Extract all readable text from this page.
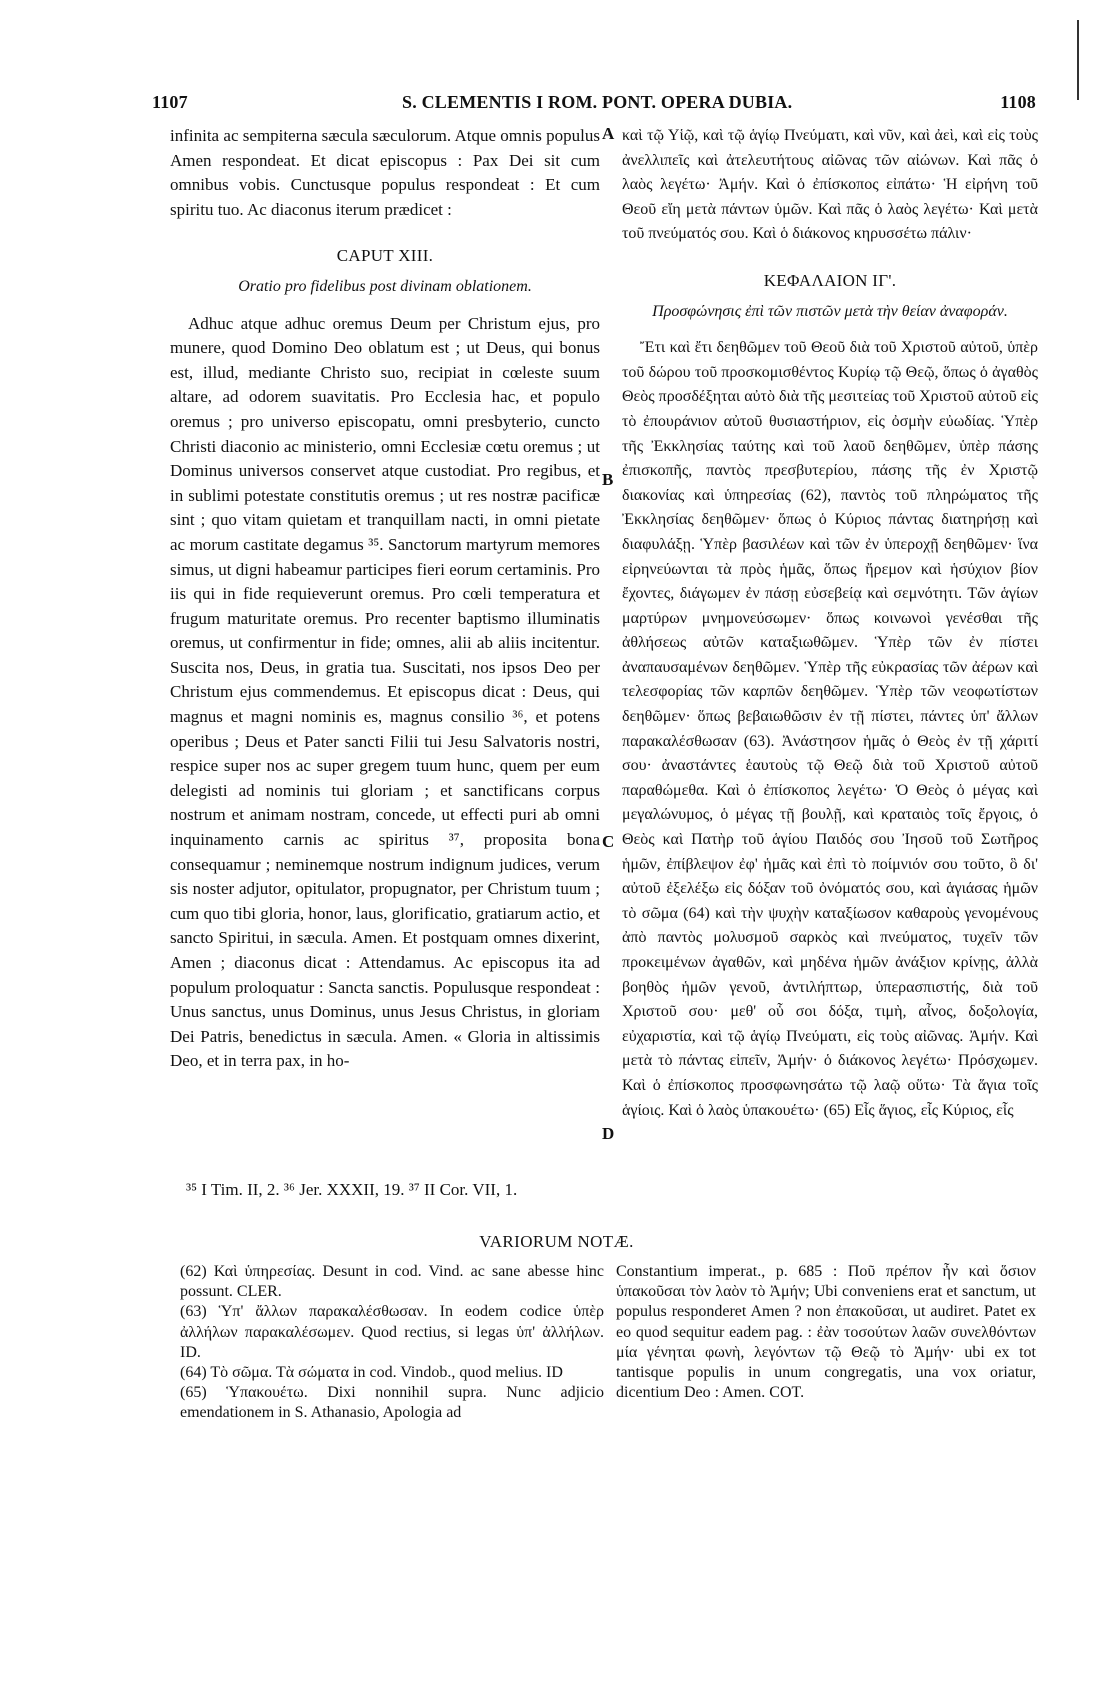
1107	S. CLEMENTIS I ROM. PONT. OPERA DUBIA.	1108
A
B
C
D

infinita ac sempiterna sæcula sæculorum. Atque omnis populus Amen respondeat. Et dicat episcopus : Pax Dei sit cum omnibus vobis. Cunctusque populus respondeat : Et cum spiritu tuo. Ac diaconus iterum prædicet :

CAPUT XIII.
Oratio pro fidelibus post divinam oblationem.

Adhuc atque adhuc oremus Deum per Christum ejus, pro munere, quod Domino Deo oblatum est ; ut Deus, qui bonus est, illud, mediante Christo suo, recipiat in cœleste suum altare, ad odorem suavitatis. Pro Ecclesia hac, et populo oremus ; pro universo episcopatu, omni presbyterio, cuncto Christi diaconio ac ministerio, omni Ecclesiæ cœtu oremus ; ut Dominus universos conservet atque custodiat. Pro regibus, et in sublimi potestate constitutis oremus ; ut res nostræ pacificæ sint ; quo vitam quietam et tranquillam nacti, in omni pietate ac morum castitate degamus ³⁵. Sanctorum martyrum memores simus, ut digni habeamur participes fieri eorum certaminis. Pro iis qui in fide requieverunt oremus. Pro cœli temperatura et frugum maturitate oremus. Pro recenter baptismo illuminatis oremus, ut confirmentur in fide; omnes, alii ab aliis incitentur. Suscita nos, Deus, in gratia tua. Suscitati, nos ipsos Deo per Christum ejus commendemus. Et episcopus dicat : Deus, qui magnus et magni nominis es, magnus consilio ³⁶, et potens operibus ; Deus et Pater sancti Filii tui Jesu Salvatoris nostri, respice super nos ac super gregem tuum hunc, quem per eum delegisti ad nominis tui gloriam ; et sanctificans corpus nostrum et animam nostram, concede, ut effecti puri ab omni inquinamento carnis ac spiritus ³⁷, proposita bona consequamur ; neminemque nostrum indignum judices, verum sis noster adjutor, opitulator, propugnator, per Christum tuum ; cum quo tibi gloria, honor, laus, glorificatio, gratiarum actio, et sancto Spiritui, in sæcula. Amen. Et postquam omnes dixerint, Amen ; diaconus dicat : Attendamus. Ac episcopus ita ad populum proloquatur : Sancta sanctis. Populusque respondeat : Unus sanctus, unus Dominus, unus Jesus Christus, in gloriam Dei Patris, benedictus in sæcula. Amen. « Gloria in altissimis Deo, et in terra pax, in ho-

καὶ τῷ Υἱῷ, καὶ τῷ ἁγίῳ Πνεύματι, καὶ νῦν, καὶ ἀεὶ, καὶ εἰς τοὺς ἀνελλιπεῖς καὶ ἀτελευτήτους αἰῶνας τῶν αἰώνων. Καὶ πᾶς ὁ λαὸς λεγέτω· Ἀμήν. Καὶ ὁ ἐπίσκοπος εἰπάτω· Ἡ εἰρήνη τοῦ Θεοῦ εἴη μετὰ πάντων ὑμῶν. Καὶ πᾶς ὁ λαὸς λεγέτω· Καὶ μετὰ τοῦ πνεύματός σου. Καὶ ὁ διάκονος κηρυσσέτω πάλιν·

ΚΕΦΑΛΑΙΟΝ ΙΓ'.
Προσφώνησις ἐπὶ τῶν πιστῶν μετὰ τὴν θείαν ἀναφοράν.

Ἔτι καὶ ἔτι δεηθῶμεν τοῦ Θεοῦ διὰ τοῦ Χριστοῦ αὐτοῦ, ὑπὲρ τοῦ δώρου τοῦ προσκομισθέντος Κυρίῳ τῷ Θεῷ, ὅπως ὁ ἀγαθὸς Θεὸς προσδέξηται αὐτὸ διὰ τῆς μεσιτείας τοῦ Χριστοῦ αὐτοῦ εἰς τὸ ἐπουράνιον αὐτοῦ θυσιαστήριον, εἰς ὀσμὴν εὐωδίας. Ὑπὲρ τῆς Ἐκκλησίας ταύτης καὶ τοῦ λαοῦ δεηθῶμεν, ὑπὲρ πάσης ἐπισκοπῆς, παντὸς πρεσβυτερίου, πάσης τῆς ἐν Χριστῷ διακονίας καὶ ὑπηρεσίας (62), παντὸς τοῦ πληρώματος τῆς Ἐκκλησίας δεηθῶμεν· ὅπως ὁ Κύριος πάντας διατηρήσῃ καὶ διαφυλάξῃ. Ὑπὲρ βασιλέων καὶ τῶν ἐν ὑπεροχῇ δεηθῶμεν· ἵνα εἰρηνεύωνται τὰ πρὸς ἡμᾶς, ὅπως ἤρεμον καὶ ἡσύχιον βίον ἔχοντες, διάγωμεν ἐν πάσῃ εὐσεβείᾳ καὶ σεμνότητι. Τῶν ἁγίων μαρτύρων μνημονεύσωμεν· ὅπως κοινωνοὶ γενέσθαι τῆς ἀθλήσεως αὐτῶν καταξιωθῶμεν. Ὑπὲρ τῶν ἐν πίστει ἀναπαυσαμένων δεηθῶμεν. Ὑπὲρ τῆς εὐκρασίας τῶν ἀέρων καὶ τελεσφορίας τῶν καρπῶν δεηθῶμεν. Ὑπὲρ τῶν νεοφωτίστων δεηθῶμεν· ὅπως βεβαιωθῶσιν ἐν τῇ πίστει, πάντες ὑπ' ἄλλων παρακαλέσθωσαν (63). Ἀνάστησον ἡμᾶς ὁ Θεὸς ἐν τῇ χάριτί σου· ἀναστάντες ἑαυτοὺς τῷ Θεῷ διὰ τοῦ Χριστοῦ αὐτοῦ παραθώμεθα. Καὶ ὁ ἐπίσκοπος λεγέτω· Ὁ Θεὸς ὁ μέγας καὶ μεγαλώνυμος, ὁ μέγας τῇ βουλῇ, καὶ κραταιὸς τοῖς ἔργοις, ὁ Θεὸς καὶ Πατὴρ τοῦ ἁγίου Παιδός σου Ἰησοῦ τοῦ Σωτῆρος ἡμῶν, ἐπίβλεψον ἐφ' ἡμᾶς καὶ ἐπὶ τὸ ποίμνιόν σου τοῦτο, ὃ δι' αὐτοῦ ἐξελέξω εἰς δόξαν τοῦ ὀνόματός σου, καὶ ἁγιάσας ἡμῶν τὸ σῶμα (64) καὶ τὴν ψυχὴν καταξίωσον καθαροὺς γενομένους ἀπὸ παντὸς μολυσμοῦ σαρκὸς καὶ πνεύματος, τυχεῖν τῶν προκειμένων ἀγαθῶν, καὶ μηδένα ἡμῶν ἀνάξιον κρίνῃς, ἀλλὰ βοηθὸς ἡμῶν γενοῦ, ἀντιλήπτωρ, ὑπερασπιστής, διὰ τοῦ Χριστοῦ σου· μεθ' οὗ σοι δόξα, τιμὴ, αἶνος, δοξολογία, εὐχαριστία, καὶ τῷ ἁγίῳ Πνεύματι, εἰς τοὺς αἰῶνας. Ἀμήν. Καὶ μετὰ τὸ πάντας εἰπεῖν, Ἀμήν· ὁ διάκονος λεγέτω· Πρόσχωμεν. Καὶ ὁ ἐπίσκοπος προσφωνησάτω τῷ λαῷ οὕτω· Τὰ ἅγια τοῖς ἁγίοις. Καὶ ὁ λαὸς ὑπακουέτω· (65) Εἷς ἅγιος, εἷς Κύριος, εἷς

³⁵ I Tim. II, 2. ³⁶ Jer. XXXII, 19. ³⁷ II Cor. VII, 1.
VARIORUM NOTÆ.

(62) Καὶ ὑπηρεσίας. Desunt in cod. Vind. ac sane abesse hinc possunt. CLER.

(63) Ὑπ' ἄλλων παρακαλέσθωσαν. In eodem codice ὑπὲρ ἀλλήλων παρακαλέσωμεν. Quod rectius, si legas ὑπ' ἀλλήλων. ID.

(64) Τὸ σῶμα. Τὰ σώματα in cod. Vindob., quod melius. ID

(65) Ὑπακουέτω. Dixi nonnihil supra. Nunc adjicio emendationem in S. Athanasio, Apologia ad

Constantium imperat., p. 685 : Ποῦ πρέπον ἦν καὶ ὅσιον ὑπακοῦσαι τὸν λαὸν τὸ Ἀμήν; Ubi conveniens erat et sanctum, ut populus responderet Amen ? non ἐπακοῦσαι, ut audiret. Patet ex eo quod sequitur eadem pag. : ἐὰν τοσούτων λαῶν συνελθόντων μία γένηται φωνὴ, λεγόντων τῷ Θεῷ τὸ Ἀμήν· ubi ex tot tantisque populis in unum congregatis, una vox oriatur, dicentium Deo : Amen. COT.
